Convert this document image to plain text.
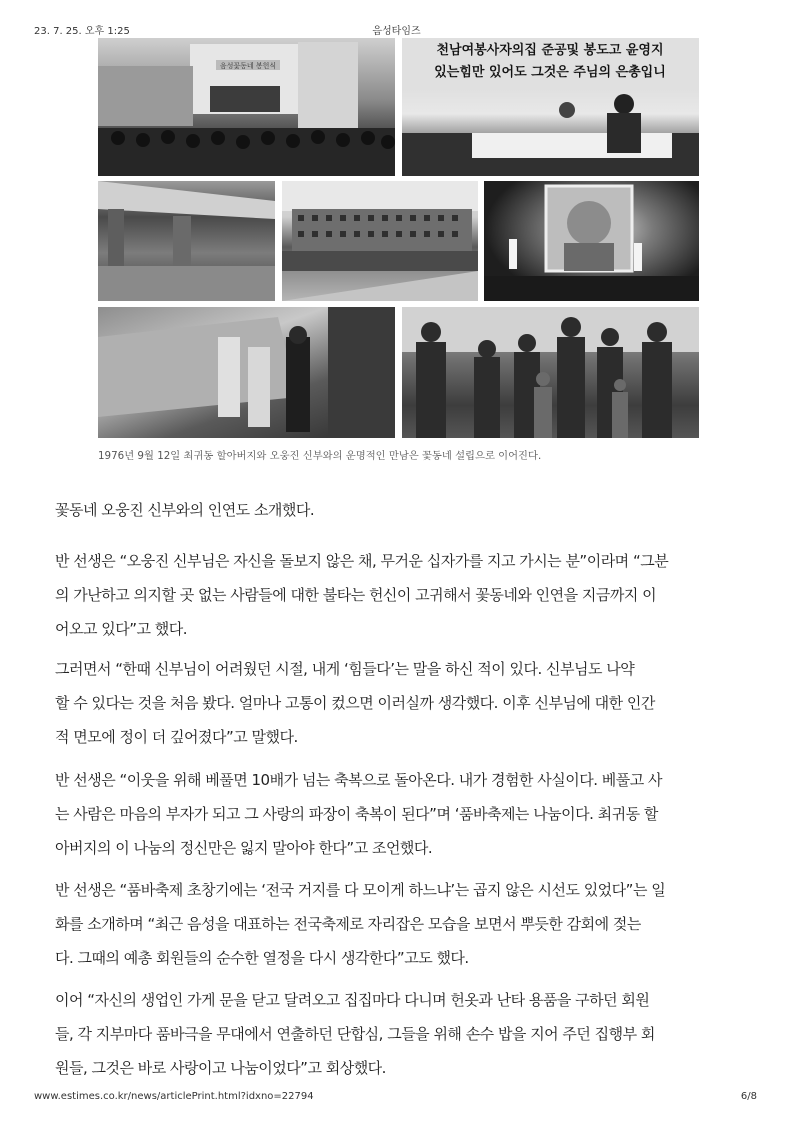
23. 7. 25. 오후 1:25	음성타임즈
음성꽃동네 봉헌식
천남여봉사자의집 준공및 봉도고 윤영지
있는힘만 있어도 그것은 주님의 은총입니
1976년 9월 12일 최귀동 할아버지와 오웅진 신부와의 운명적인 만남은 꽃동네 설립으로 이어진다.
꽃동네 오웅진 신부와의 인연도 소개했다.
반 선생은 “오웅진 신부님은 자신을 돌보지 않은 채, 무거운 십자가를 지고 가시는 분”이라며 “그분
의 가난하고 의지할 곳 없는 사람들에 대한 불타는 헌신이 고귀해서 꽃동네와 인연을 지금까지 이
어오고 있다”고 했다.
그러면서 “한때 신부님이 어려웠던 시절, 내게 ‘힘들다’는 말을 하신 적이 있다. 신부님도 나약
할 수 있다는 것을 처음 봤다. 얼마나 고통이 컸으면 이러실까 생각했다. 이후 신부님에 대한 인간
적 면모에 정이 더 깊어졌다”고 말했다.
반 선생은 “이웃을 위해 베풀면 10배가 넘는 축복으로 돌아온다. 내가 경험한 사실이다. 베풀고 사
는 사람은 마음의 부자가 되고 그 사랑의 파장이 축복이 된다”며 ‘품바축제는 나눔이다. 최귀동 할
아버지의 이 나눔의 정신만은 잃지 말아야 한다”고 조언했다.
반 선생은 “품바축제 초창기에는 ‘전국 거지를 다 모이게 하느냐’는 곱지 않은 시선도 있었다”는 일
화를 소개하며 “최근 음성을 대표하는 전국축제로 자리잡은 모습을 보면서 뿌듯한 감회에 젖는
다. 그때의 예총 회원들의 순수한 열정을 다시 생각한다”고도 했다.
이어 “자신의 생업인 가게 문을 닫고 달려오고 집집마다 다니며 헌옷과 난타 용품을 구하던 회원
들, 각 지부마다 품바극을 무대에서 연출하던 단합심, 그들을 위해 손수 밥을 지어 주던 집행부 회
원들, 그것은 바로 사랑이고 나눔이었다”고 회상했다.
www.estimes.co.kr/news/articlePrint.html?idxno=22794	6/8
